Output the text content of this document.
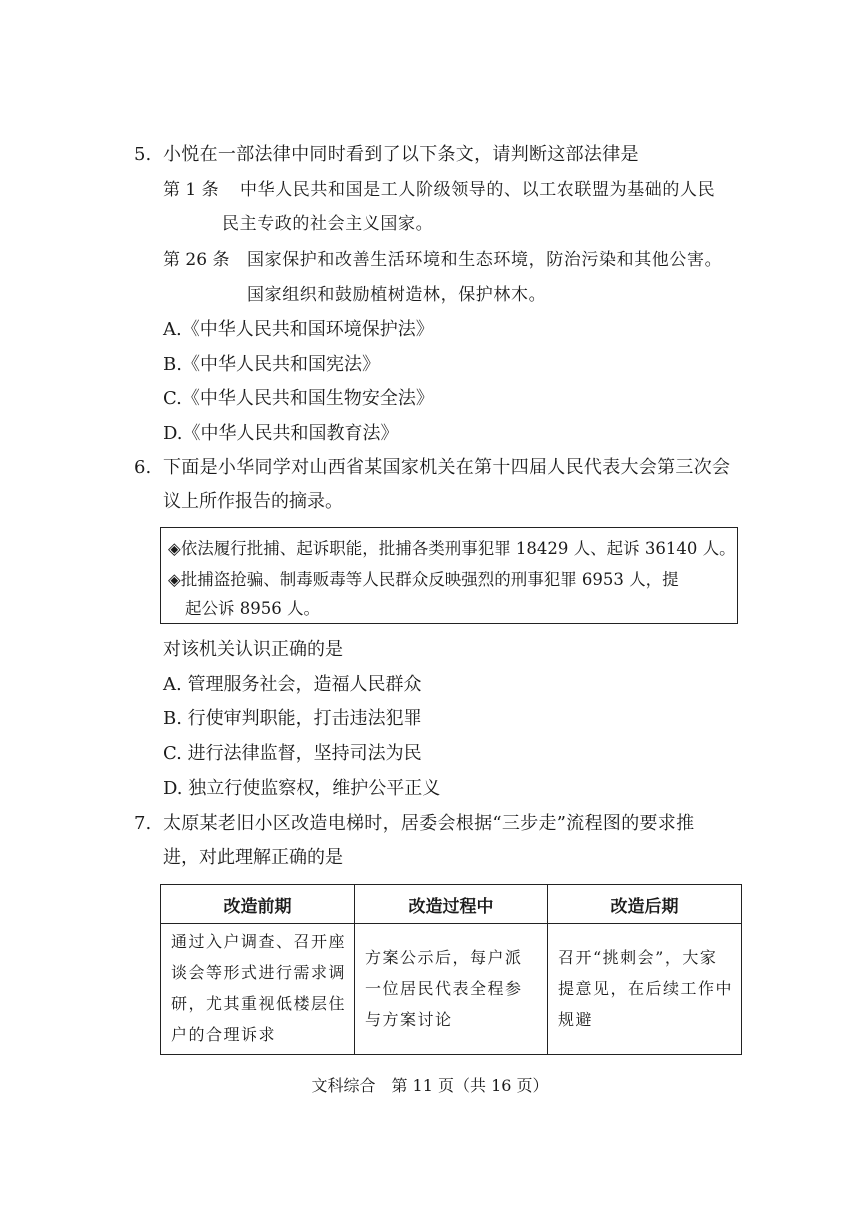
5. 小悦在一部法律中同时看到了以下条文，请判断这部法律是
第 1 条 中华人民共和国是工人阶级领导的、以工农联盟为基础的人民
民主专政的社会主义国家。
第 26 条 国家保护和改善生活环境和生态环境，防治污染和其他公害。
国家组织和鼓励植树造林，保护林木。
A.《中华人民共和国环境保护法》
B.《中华人民共和国宪法》
C.《中华人民共和国生物安全法》
D.《中华人民共和国教育法》
6. 下面是小华同学对山西省某国家机关在第十四届人民代表大会第三次会
议上所作报告的摘录。
◈依法履行批捕、起诉职能，批捕各类刑事犯罪 18429 人、起诉 36140 人。
◈批捕盗抢骗、制毒贩毒等人民群众反映强烈的刑事犯罪 6953 人，提
起公诉 8956 人。
对该机关认识正确的是
A. 管理服务社会，造福人民群众
B. 行使审判职能，打击违法犯罪
C. 进行法律监督，坚持司法为民
D. 独立行使监察权，维护公平正义
7. 太原某老旧小区改造电梯时，居委会根据“三步走”流程图的要求推
进，对此理解正确的是
改造前期	改造过程中	改造后期
通过入户调查、召开座谈会等形式进行需求调研，尤其重视低楼层住户的合理诉求	方案公示后，每户派一位居民代表全程参与方案讨论	召开“挑刺会”，大家提意见，在后续工作中规避
文科综合　第 11 页（共 16 页）
